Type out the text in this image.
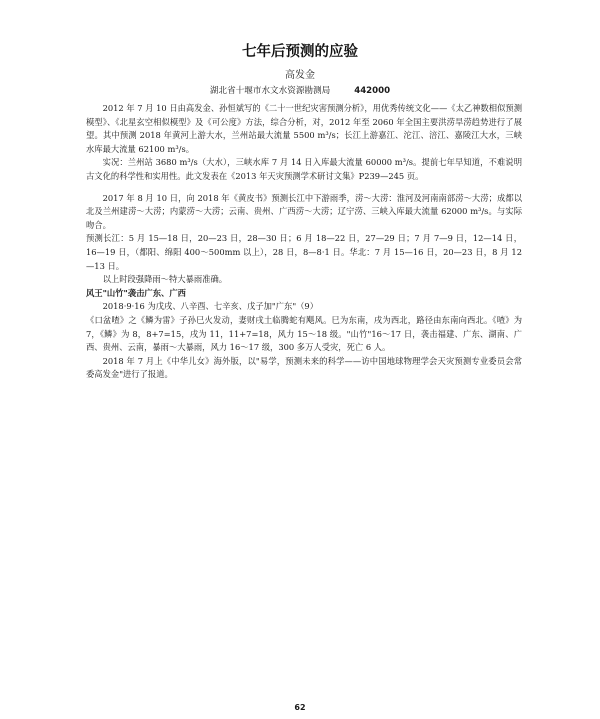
七年后预测的应验
高发金
湖北省十堰市水文水资源勘测局	442000

2012 年 7 月 10 日由高发金、孙恒斌写的《二十一世纪灾害预测分析》，用优秀传统文化——《太乙神数相似预测模型》、《北星玄空相似模型》及《可公度》方法，综合分析，对，2012 年至 2060 年全国主要洪涝旱涝趋势进行了展望。其中预测 2018 年黄河上游大水，兰州站最大流量 5500 m³/s；长江上游嘉江、沱江、涪江、嘉陵江大水，三峡水库最大流量 62100 m³/s。

实况：兰州站 3680 m³/s（大水），三峡水库 7 月 14 日入库最大流量 60000 m³/s。提前七年早知道，不难说明古文化的科学性和实用性。此文发表在《2013 年天灾预测学术研讨文集》P239—245 页。

2017 年 8 月 10 日，向 2018 年《黄皮书》预测长江中下游雨季，涝～大涝：淮河及河南南部涝～大涝；成都以北及兰州建涝～大涝；内蒙涝～大涝；云南、贵州、广西涝～大涝；辽宁涝、三峡入库最大流量 62000 m³/s。与实际吻合。

预测长江：5 月 15—18 日，20—23 日，28—30 日；6 月 18—22 日，27—29 日；7 月 7—9 日，12—14 日，16—19 日，（都阳、绵阳 400～500mm 以上），28 日，8—8·1 日。华北：7 月 15—16 日，20—23 日，8 月 12—13 日。

以上时段强降雨～特大暴雨准确。

风王"山竹"袭击广东、广西

2018·9·16 为戊戌、八辛酉、七辛亥、戊子加"广东"（9）

《口盆喳》之《鳞为雷》子孙巳火发动，妻财戌土临腾蛇有飓风。巳为东南，戌为西北，路径由东南向西北。《喳》为 7，《鳞》为 8，8+7=15，戌为 11，11+7=18，风力 15～18 级。"山竹"16～17 日，袭击福建、广东、湖南、广西、贵州、云南，暴雨～大暴雨，风力 16～17 级，300 多万人受灾，死亡 6 人。

2018 年 7 月上《中华儿女》海外版，以"易学，预测未来的科学——访中国地球物理学会天灾预测专业委员会常委高发金"进行了报道。

62
